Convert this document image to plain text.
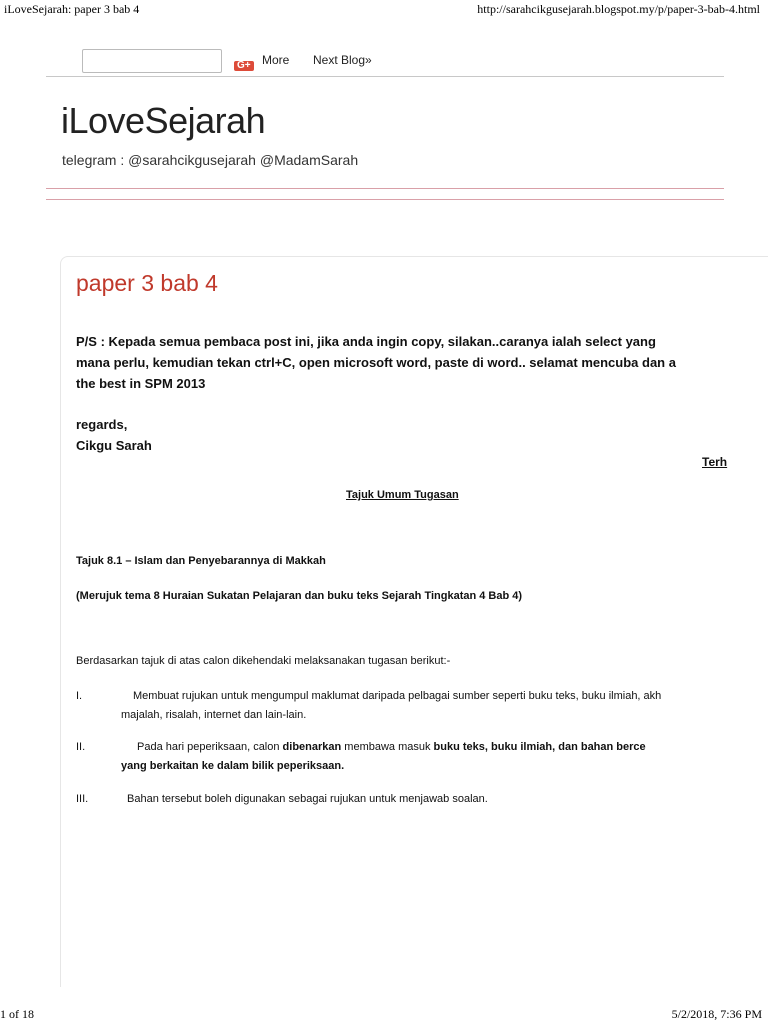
iLoveSejarah: paper 3 bab 4	http://sarahcikgusejarah.blogspot.my/p/paper-3-bab-4.html
G+ More Next Blog»
iLoveSejarah
telegram : @sarahcikgusejarah @MadamSarah
paper 3 bab 4
P/S : Kepada semua pembaca post ini, jika anda ingin copy, silakan..caranya ialah select yang
mana perlu, kemudian tekan ctrl+C, open microsoft word, paste di word.. selamat mencuba dan a
the best in SPM 2013
regards,
Cikgu Sarah
Terh
Tajuk Umum Tugasan
Tajuk 8.1 – Islam dan Penyebarannya di Makkah
(Merujuk tema 8 Huraian Sukatan Pelajaran dan buku teks Sejarah Tingkatan 4 Bab 4)
Berdasarkan tajuk di atas calon dikehendaki melaksanakan tugasan berikut:-
I.	Membuat rujukan untuk mengumpul maklumat daripada pelbagai sumber seperti buku teks, buku ilmiah, akh
majalah, risalah, internet dan lain-lain.
II.	Pada hari peperiksaan, calon dibenarkan membawa masuk buku teks, buku ilmiah, dan bahan berce
yang berkaitan ke dalam bilik peperiksaan.
III.	Bahan tersebut boleh digunakan sebagai rujukan untuk menjawab soalan.
1 of 18	5/2/2018, 7:36 PM
